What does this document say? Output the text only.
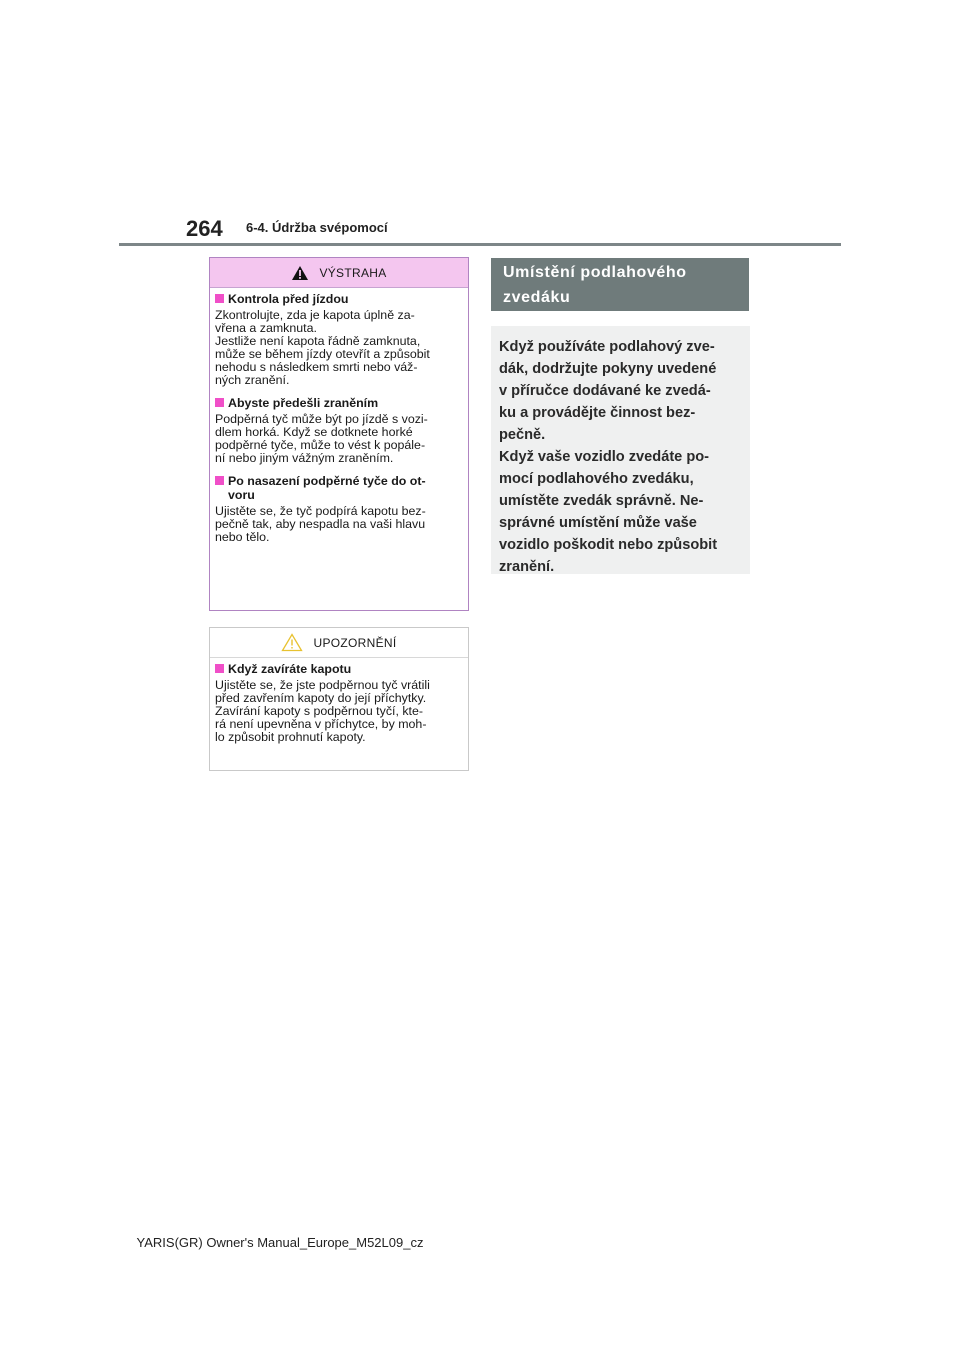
264 6-4. Údržba svépomocí
VÝSTRAHA
Kontrola před jízdou

Zkontrolujte, zda je kapota úplně za-

vřena a zamknuta.

Jestliže není kapota řádně zamknuta,

může se během jízdy otevřít a způsobit

nehodu s následkem smrti nebo váž-

ných zranění.

Abyste předešli zraněním

Podpěrná tyč může být po jízdě s vozi-

dlem horká. Když se dotknete horké

podpěrné tyče, může to vést k popále-

ní nebo jiným vážným zraněním.

Po nasazení podpěrné tyče do ot-
voru

Ujistěte se, že tyč podpírá kapotu bez-

pečně tak, aby nespadla na vaši hlavu

nebo tělo.

UPOZORNĚNÍ
Když zavíráte kapotu

Ujistěte se, že jste podpěrnou tyč vrátili

před zavřením kapoty do její příchytky.

Zavírání kapoty s podpěrnou tyčí, kte-

rá není upevněna v příchytce, by moh-

lo způsobit prohnutí kapoty.

Umístění podlahového
zvedáku

Když používáte podlahový zve-

dák, dodržujte pokyny uvedené

v příručce dodávané ke zvedá-

ku a provádějte činnost bez-

pečně.

Když vaše vozidlo zvedáte po-

mocí podlahového zvedáku,

umístěte zvedák správně. Ne-

správné umístění může vaše

vozidlo poškodit nebo způsobit

zranění.

YARIS(GR) Owner's Manual_Europe_M52L09_cz
